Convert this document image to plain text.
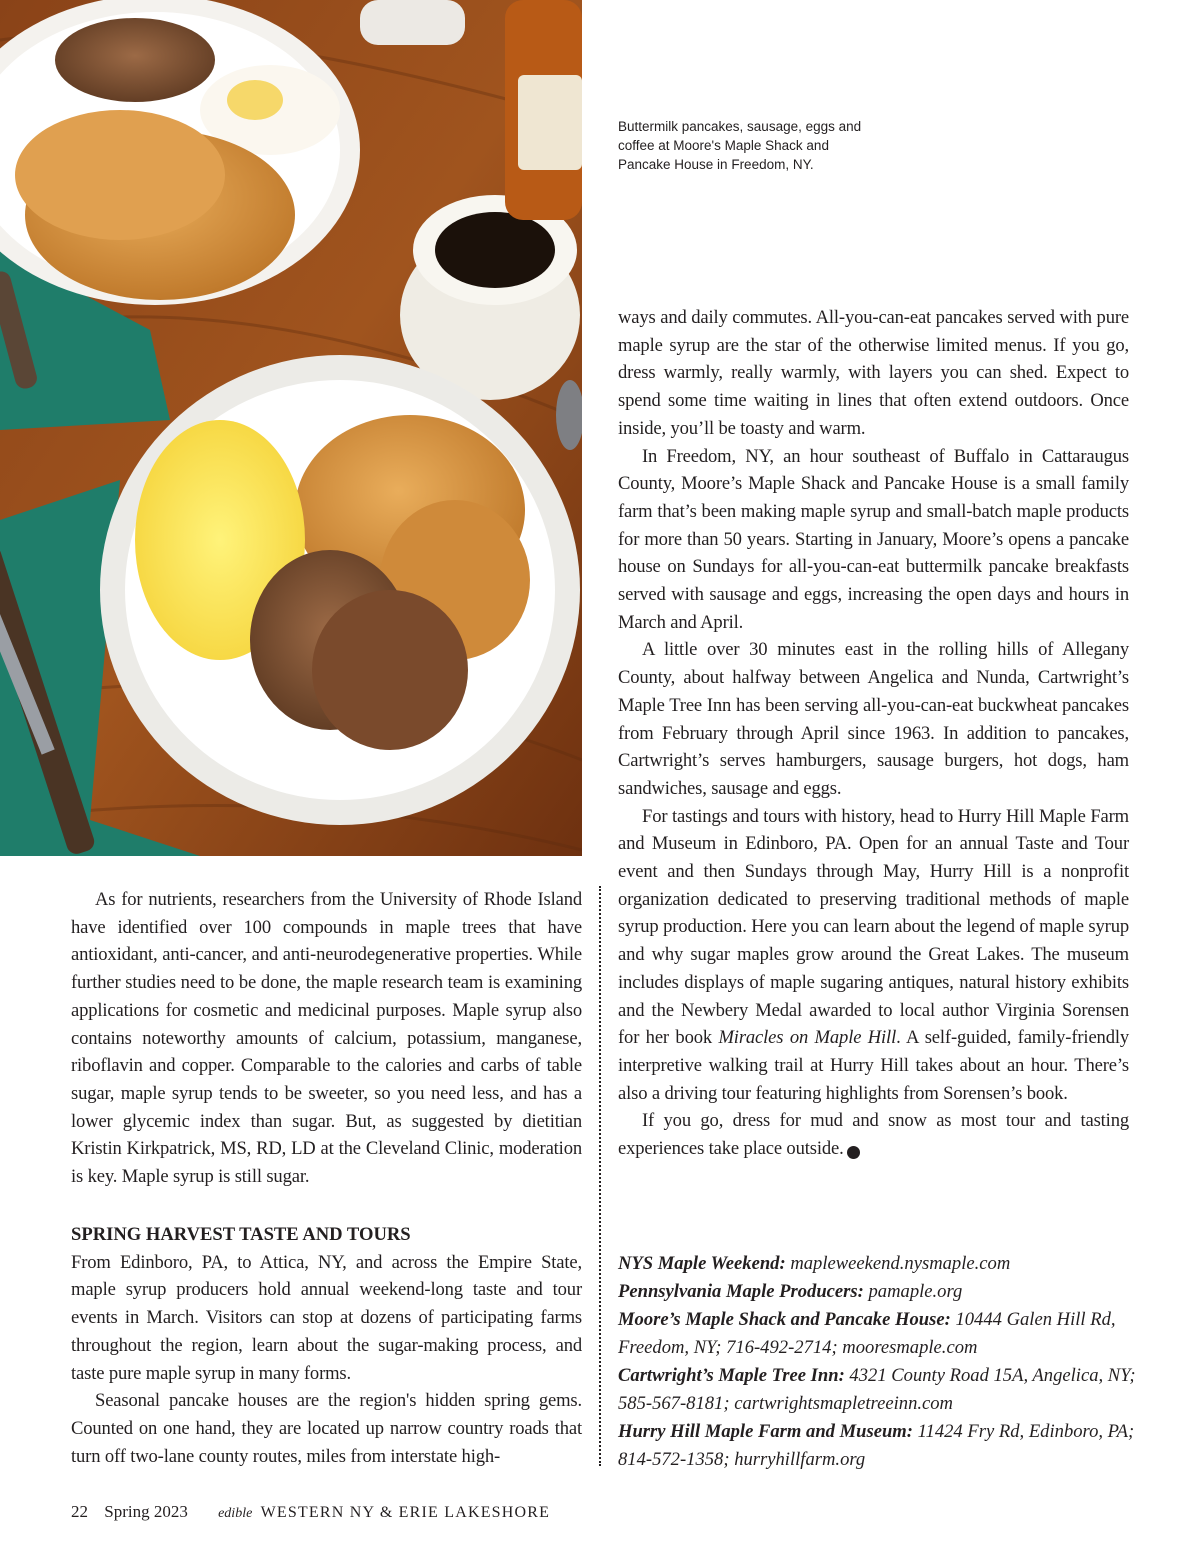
Buttermilk pancakes, sausage, eggs and coffee at Moore's Maple Shack and Pancake House in Freedom, NY.

As for nutrients, researchers from the University of Rhode Island have identified over 100 compounds in maple trees that have antioxidant, anti-cancer, and anti-neurodegenerative properties. While further studies need to be done, the maple research team is examining applications for cosmetic and medicinal purposes. Maple syrup also contains noteworthy amounts of calcium, potassium, manganese, riboflavin and copper. Comparable to the calories and carbs of table sugar, maple syrup tends to be sweeter, so you need less, and has a lower glycemic index than sugar. But, as suggested by dietitian Kristin Kirkpatrick, MS, RD, LD at the Cleveland Clinic, moderation is key. Maple syrup is still sugar.

SPRING HARVEST TASTE AND TOURS

From Edinboro, PA, to Attica, NY, and across the Empire State, maple syrup producers hold annual weekend-long taste and tour events in March. Visitors can stop at dozens of participating farms throughout the region, learn about the sugar-making process, and taste pure maple syrup in many forms.

Seasonal pancake houses are the region's hidden spring gems. Counted on one hand, they are located up narrow country roads that turn off two-lane county routes, miles from interstate high-

ways and daily commutes. All-you-can-eat pancakes served with pure maple syrup are the star of the otherwise limited menus. If you go, dress warmly, really warmly, with layers you can shed. Expect to spend some time waiting in lines that often extend outdoors. Once inside, you’ll be toasty and warm.

In Freedom, NY, an hour southeast of Buffalo in Cattaraugus County, Moore’s Maple Shack and Pancake House is a small family farm that’s been making maple syrup and small-batch maple products for more than 50 years. Starting in January, Moore’s opens a pancake house on Sundays for all-you-can-eat buttermilk pancake breakfasts served with sausage and eggs, increasing the open days and hours in March and April.

A little over 30 minutes east in the rolling hills of Allegany County, about halfway between Angelica and Nunda, Cartwright’s Maple Tree Inn has been serving all-you-can-eat buckwheat pancakes from February through April since 1963. In addition to pancakes, Cartwright’s serves hamburgers, sausage burgers, hot dogs, ham sandwiches, sausage and eggs.

For tastings and tours with history, head to Hurry Hill Maple Farm and Museum in Edinboro, PA. Open for an annual Taste and Tour event and then Sundays through May, Hurry Hill is a nonprofit organization dedicated to preserving traditional methods of maple syrup production. Here you can learn about the legend of maple syrup and why sugar maples grow around the Great Lakes. The museum includes displays of maple sugaring antiques, natural history exhibits and the Newbery Medal awarded to local author Virginia Sorensen for her book Miracles on Maple Hill. A self-guided, family-friendly interpretive walking trail at Hurry Hill takes about an hour. There’s also a driving tour featuring highlights from Sorensen’s book.

If you go, dress for mud and snow as most tour and tasting experiences take place outside.	e

NYS Maple Weekend: mapleweekend.nysmaple.com
Pennsylvania Maple Producers: pamaple.org
Moore’s Maple Shack and Pancake House: 10444 Galen Hill Rd, Freedom, NY; 716-492-2714; mooresmaple.com
Cartwright’s Maple Tree Inn: 4321 County Road 15A, Angelica, NY; 585-567-8181; cartwrightsmapletreeinn.com
Hurry Hill Maple Farm and Museum: 11424 Fry Rd, Edinboro, PA; 814-572-1358; hurryhillfarm.org
22 Spring 2023 edible WESTERN NY & ERIE LAKESHORE
